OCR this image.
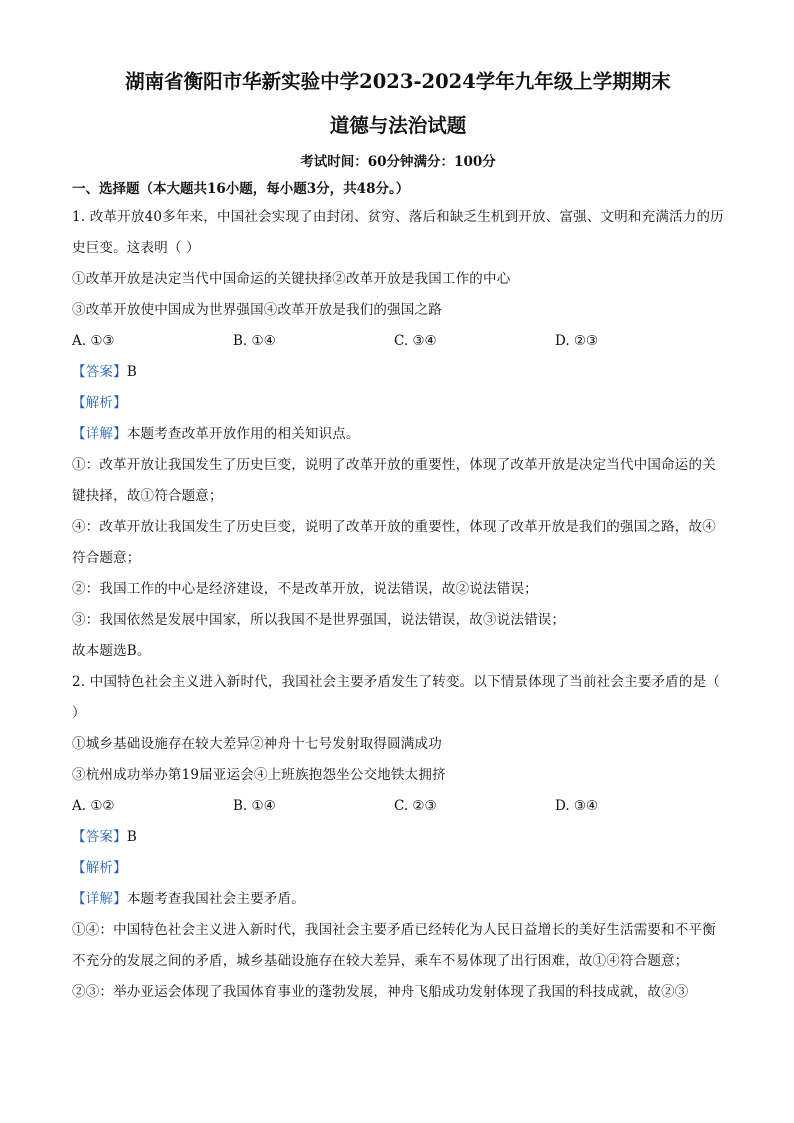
湖南省衡阳市华新实验中学2023-2024学年九年级上学期期末

道德与法治试题

考试时间：60分钟满分：100分
一、选择题（本大题共16小题，每小题3分，共48分。）

1. 改革开放40多年来，中国社会实现了由封闭、贫穷、落后和缺乏生机到开放、富强、文明和充满活力的历史巨变。这表明（ ）

①改革开放是决定当代中国命运的关键抉择②改革开放是我国工作的中心

③改革开放使中国成为世界强国④改革开放是我们的强国之路

A. ①③	B. ①④	C. ③④	D. ②③

【答案】B

【解析】

【详解】本题考查改革开放作用的相关知识点。

①：改革开放让我国发生了历史巨变，说明了改革开放的重要性，体现了改革开放是决定当代中国命运的关键抉择，故①符合题意；

④：改革开放让我国发生了历史巨变，说明了改革开放的重要性，体现了改革开放是我们的强国之路，故④符合题意；

②：我国工作的中心是经济建设，不是改革开放，说法错误，故②说法错误；

③：我国依然是发展中国家，所以我国不是世界强国，说法错误，故③说法错误；

故本题选B。

2. 中国特色社会主义进入新时代，我国社会主要矛盾发生了转变。以下情景体现了当前社会主要矛盾的是（ ）

①城乡基础设施存在较大差异②神舟十七号发射取得圆满成功

③杭州成功举办第19届亚运会④上班族抱怨坐公交地铁太拥挤

A. ①②	B. ①④	C. ②③	D. ③④

【答案】B

【解析】

【详解】本题考查我国社会主要矛盾。

①④：中国特色社会主义进入新时代，我国社会主要矛盾已经转化为人民日益增长的美好生活需要和不平衡不充分的发展之间的矛盾，城乡基础设施存在较大差异，乘车不易体现了出行困难，故①④符合题意；

②③：举办亚运会体现了我国体育事业的蓬勃发展，神舟飞船成功发射体现了我国的科技成就，故②③
